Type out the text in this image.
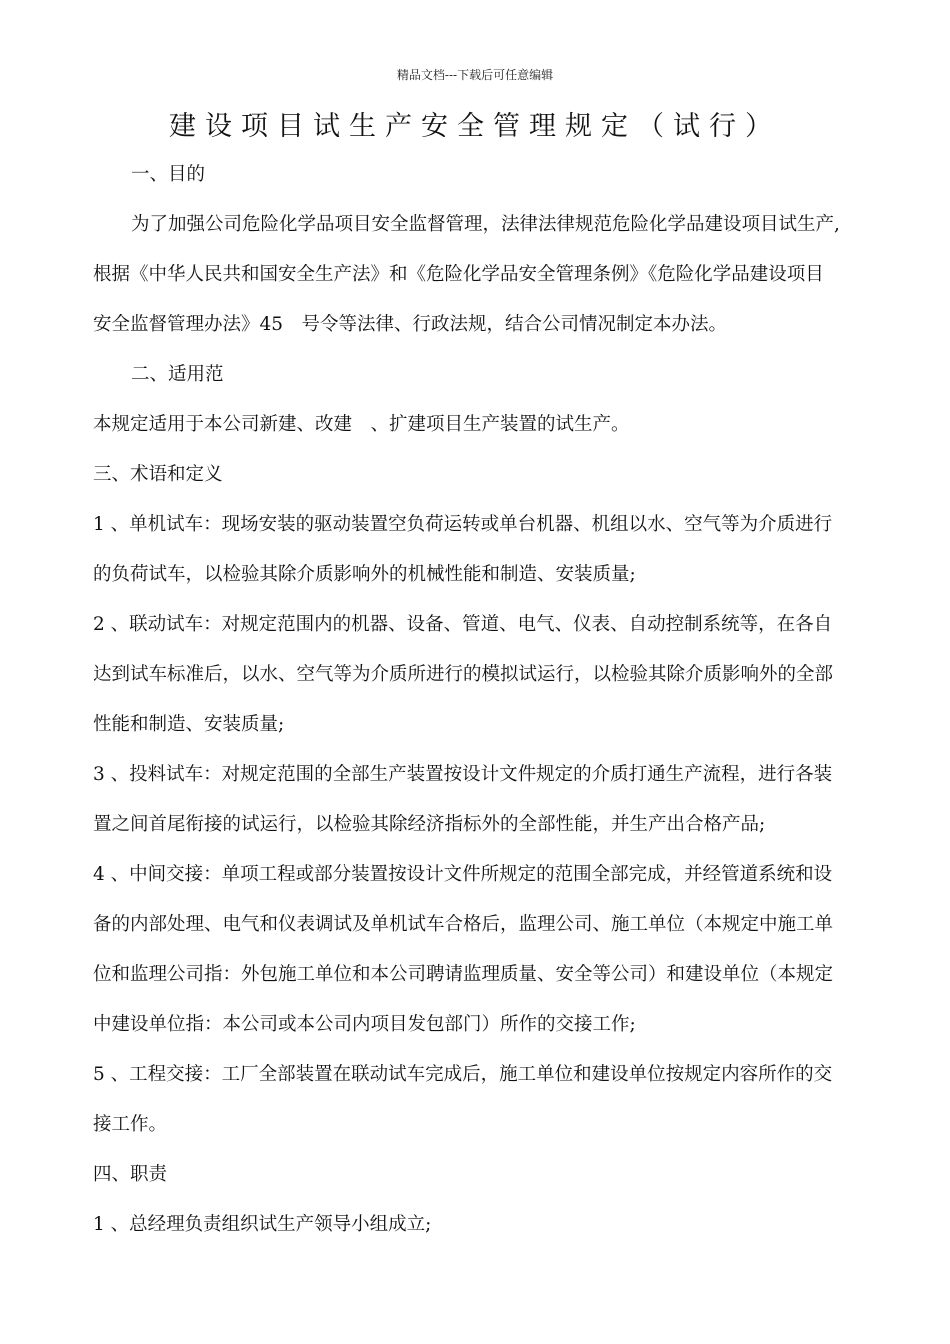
精品文档---下载后可任意编辑
建设项目试生产安全管理规定（试行）
一、目的
为了加强公司危险化学品项目安全监督管理，法律法律规范危险化学品建设项目试生产,
根据《中华人民共和国安全生产法》和《危险化学品安全管理条例》《危险化学品建设项目
安全监督管理办法》45　号令等法律、行政法规，结合公司情况制定本办法。
二、适用范
本规定适用于本公司新建、改建　、扩建项目生产装置的试生产。
三、术语和定义
1 、单机试车：现场安装的驱动装置空负荷运转或单台机器、机组以水、空气等为介质进行
的负荷试车，以检验其除介质影响外的机械性能和制造、安装质量;
2 、联动试车：对规定范围内的机器、设备、管道、电气、仪表、自动控制系统等，在各自
达到试车标准后，以水、空气等为介质所进行的模拟试运行，以检验其除介质影响外的全部
性能和制造、安装质量;
3 、投料试车：对规定范围的全部生产装置按设计文件规定的介质打通生产流程，进行各装
置之间首尾衔接的试运行，以检验其除经济指标外的全部性能，并生产出合格产品;
4 、中间交接：单项工程或部分装置按设计文件所规定的范围全部完成，并经管道系统和设
备的内部处理、电气和仪表调试及单机试车合格后，监理公司、施工单位（本规定中施工单
位和监理公司指：外包施工单位和本公司聘请监理质量、安全等公司）和建设单位（本规定
中建设单位指：本公司或本公司内项目发包部门）所作的交接工作;
5 、工程交接：工厂全部装置在联动试车完成后，施工单位和建设单位按规定内容所作的交
接工作。
四、职责
1 、总经理负责组织试生产领导小组成立;
